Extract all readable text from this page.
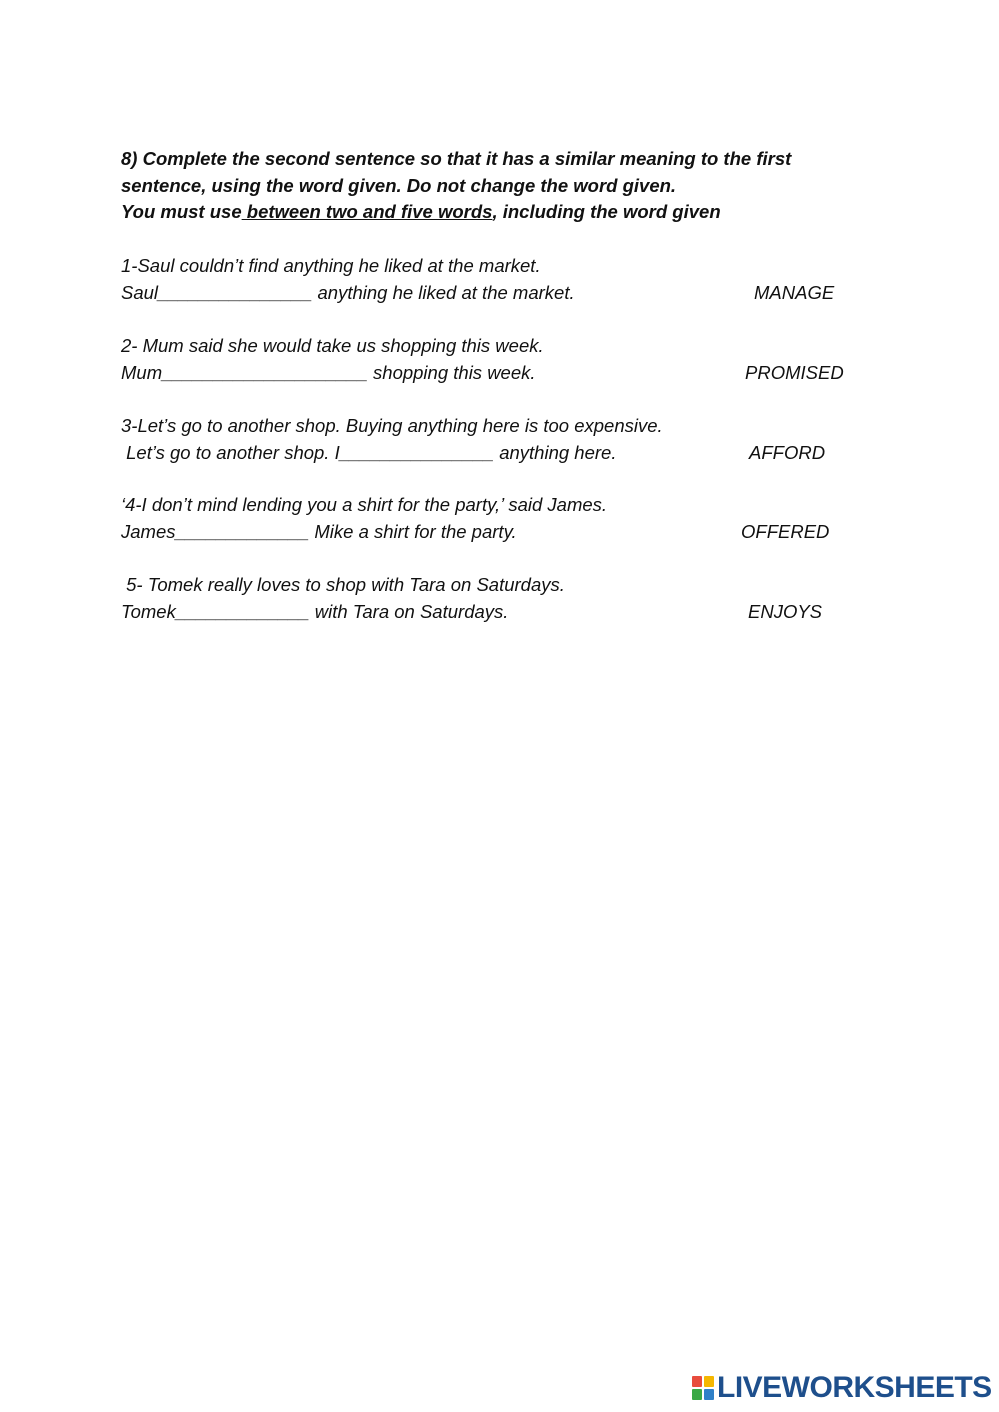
8) Complete the second sentence so that it has a similar meaning to the first
sentence, using the word given. Do not change the word given.
You must use between two and five words, including the word given
1-Saul couldn’t find anything he liked at the market.
Saul_______________ anything he liked at the market.	MANAGE
2- Mum said she would take us shopping this week.
Mum____________________ shopping this week.	PROMISED
3-Let’s go to another shop. Buying anything here is too expensive.
Let’s go to another shop. I_______________ anything here.	AFFORD
‘4-I don’t mind lending you a shirt for the party,’ said James.
James_____________ Mike a shirt for the party.	OFFERED
5- Tomek really loves to shop with Tara on Saturdays.
Tomek_____________ with Tara on Saturdays.	ENJOYS
LIVEWORKSHEETS
